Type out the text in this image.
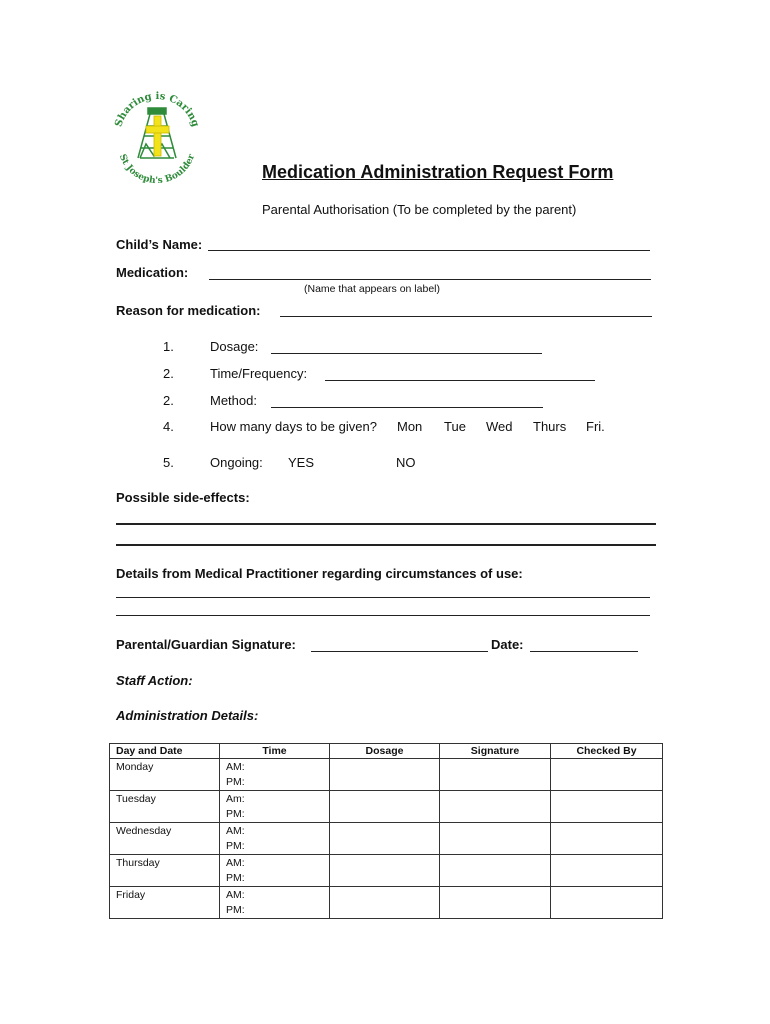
Sharing is Caring
St Joseph's Boulder
Medication Administration Request Form
Parental Authorisation (To be completed by the parent)
Child’s Name:
Medication:
(Name that appears on label)
Reason for medication:
1.	Dosage:
2.	Time/Frequency:
2.	Method:
4.	How many days to be given? Mon Tue Wed Thurs Fri.
5.	Ongoing: YES	NO
Possible side-effects:
Details from Medical Practitioner regarding circumstances of use:
Parental/Guardian Signature:	Date:
Staff Action:
Administration Details:
Day and Date	Time	Dosage	Signature	Checked By
Monday	AM:
PM:			

Tuesday	Am:
PM:			

Wednesday	AM:
PM:			

Thursday	AM:
PM:			

Friday	AM:
PM:			
